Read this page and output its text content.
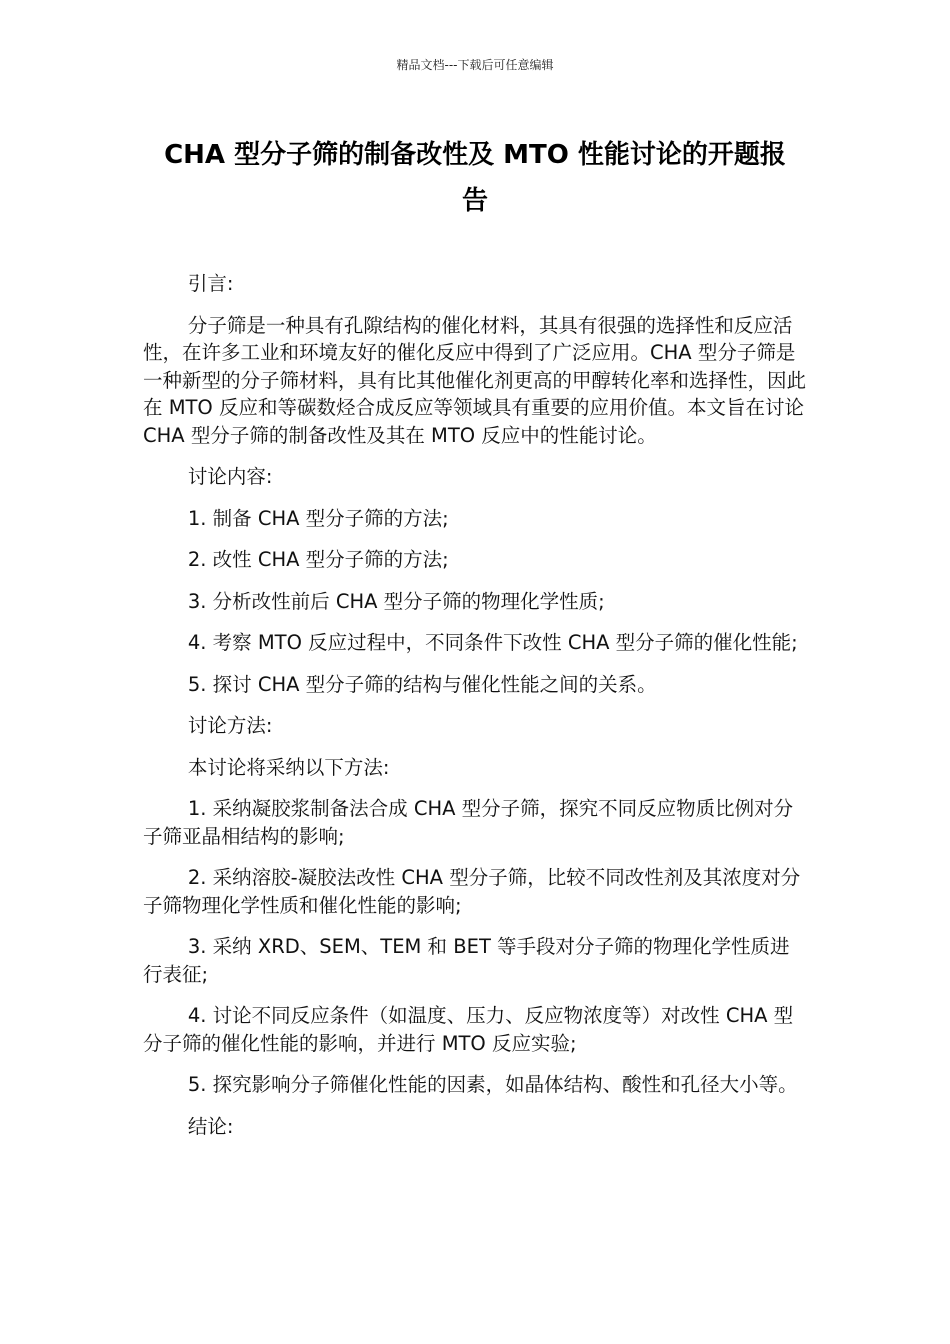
精品文档---下载后可任意编辑
CHA 型分子筛的制备改性及 MTO 性能讨论的开题报
告

引言:

分子筛是一种具有孔隙结构的催化材料，其具有很强的选择性和反应活性，在许多工业和环境友好的催化反应中得到了广泛应用。CHA 型分子筛是一种新型的分子筛材料，具有比其他催化剂更高的甲醇转化率和选择性，因此在 MTO 反应和等碳数烃合成反应等领域具有重要的应用价值。本文旨在讨论 CHA 型分子筛的制备改性及其在 MTO 反应中的性能讨论。

讨论内容:

1. 制备 CHA 型分子筛的方法;

2. 改性 CHA 型分子筛的方法;

3. 分析改性前后 CHA 型分子筛的物理化学性质;

4. 考察 MTO 反应过程中，不同条件下改性 CHA 型分子筛的催化性能;

5. 探讨 CHA 型分子筛的结构与催化性能之间的关系。

讨论方法:

本讨论将采纳以下方法:

1. 采纳凝胶浆制备法合成 CHA 型分子筛，探究不同反应物质比例对分子筛亚晶相结构的影响;

2. 采纳溶胶-凝胶法改性 CHA 型分子筛，比较不同改性剂及其浓度对分子筛物理化学性质和催化性能的影响;

3. 采纳 XRD、SEM、TEM 和 BET 等手段对分子筛的物理化学性质进行表征;

4. 讨论不同反应条件（如温度、压力、反应物浓度等）对改性 CHA 型分子筛的催化性能的影响，并进行 MTO 反应实验;

5. 探究影响分子筛催化性能的因素，如晶体结构、酸性和孔径大小等。

结论:
